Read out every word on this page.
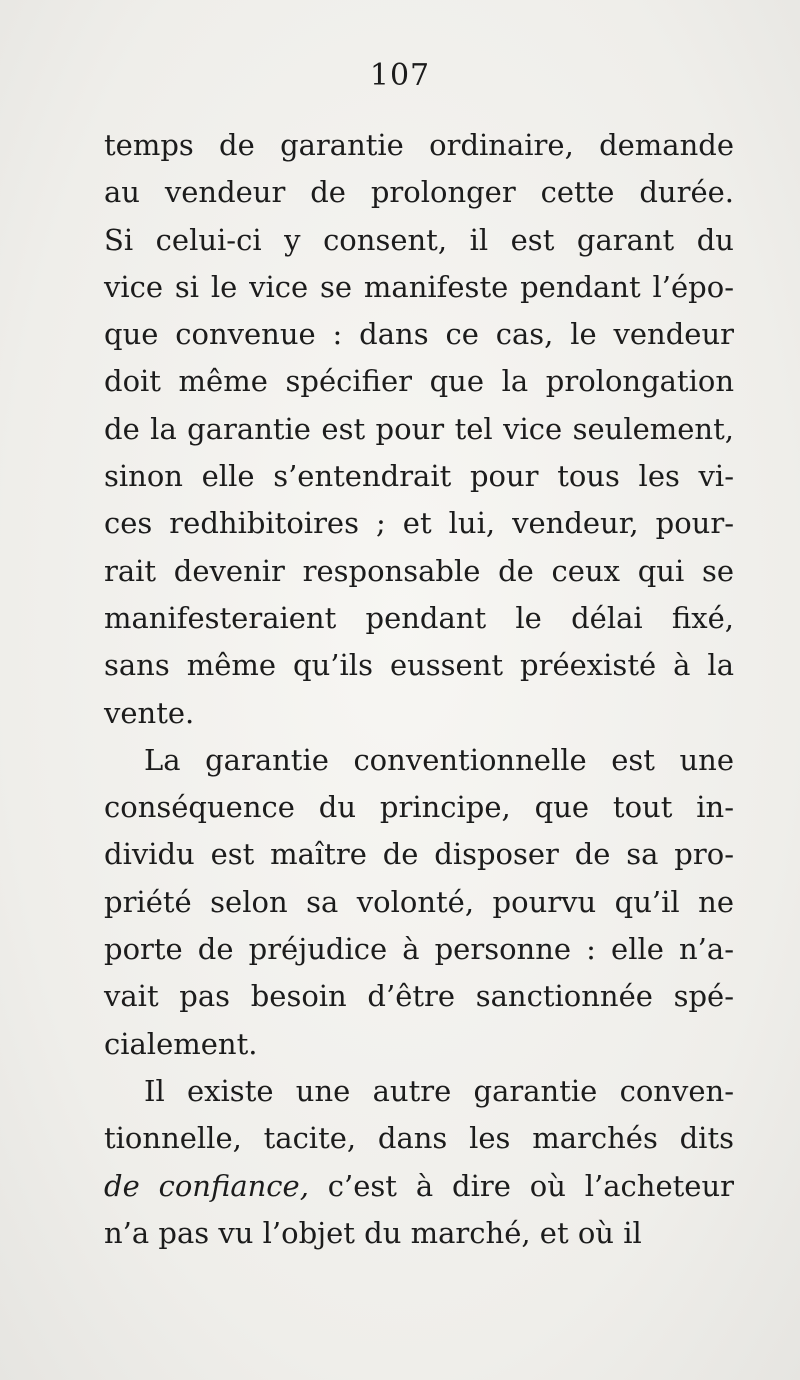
107
temps de garantie ordinaire, demande
au vendeur de prolonger cette durée.
Si celui-ci y consent, il est garant du
vice si le vice se manifeste pendant l’épo-
que convenue : dans ce cas, le vendeur
doit même spécifier que la prolongation
de la garantie est pour tel vice seulement,
sinon elle s’entendrait pour tous les vi-
ces redhibitoires ; et lui, vendeur, pour-
rait devenir responsable de ceux qui se
manifesteraient pendant le délai fixé,
sans même qu’ils eussent préexisté à la
vente.
La garantie conventionnelle est une
conséquence du principe, que tout in-
dividu est maître de disposer de sa pro-
priété selon sa volonté, pourvu qu’il ne
porte de préjudice à personne : elle n’a-
vait pas besoin d’être sanctionnée spé-
cialement.
Il existe une autre garantie conven-
tionnelle, tacite, dans les marchés dits
de confiance, c’est à dire où l’acheteur
n’a pas vu l’objet du marché, et où il
